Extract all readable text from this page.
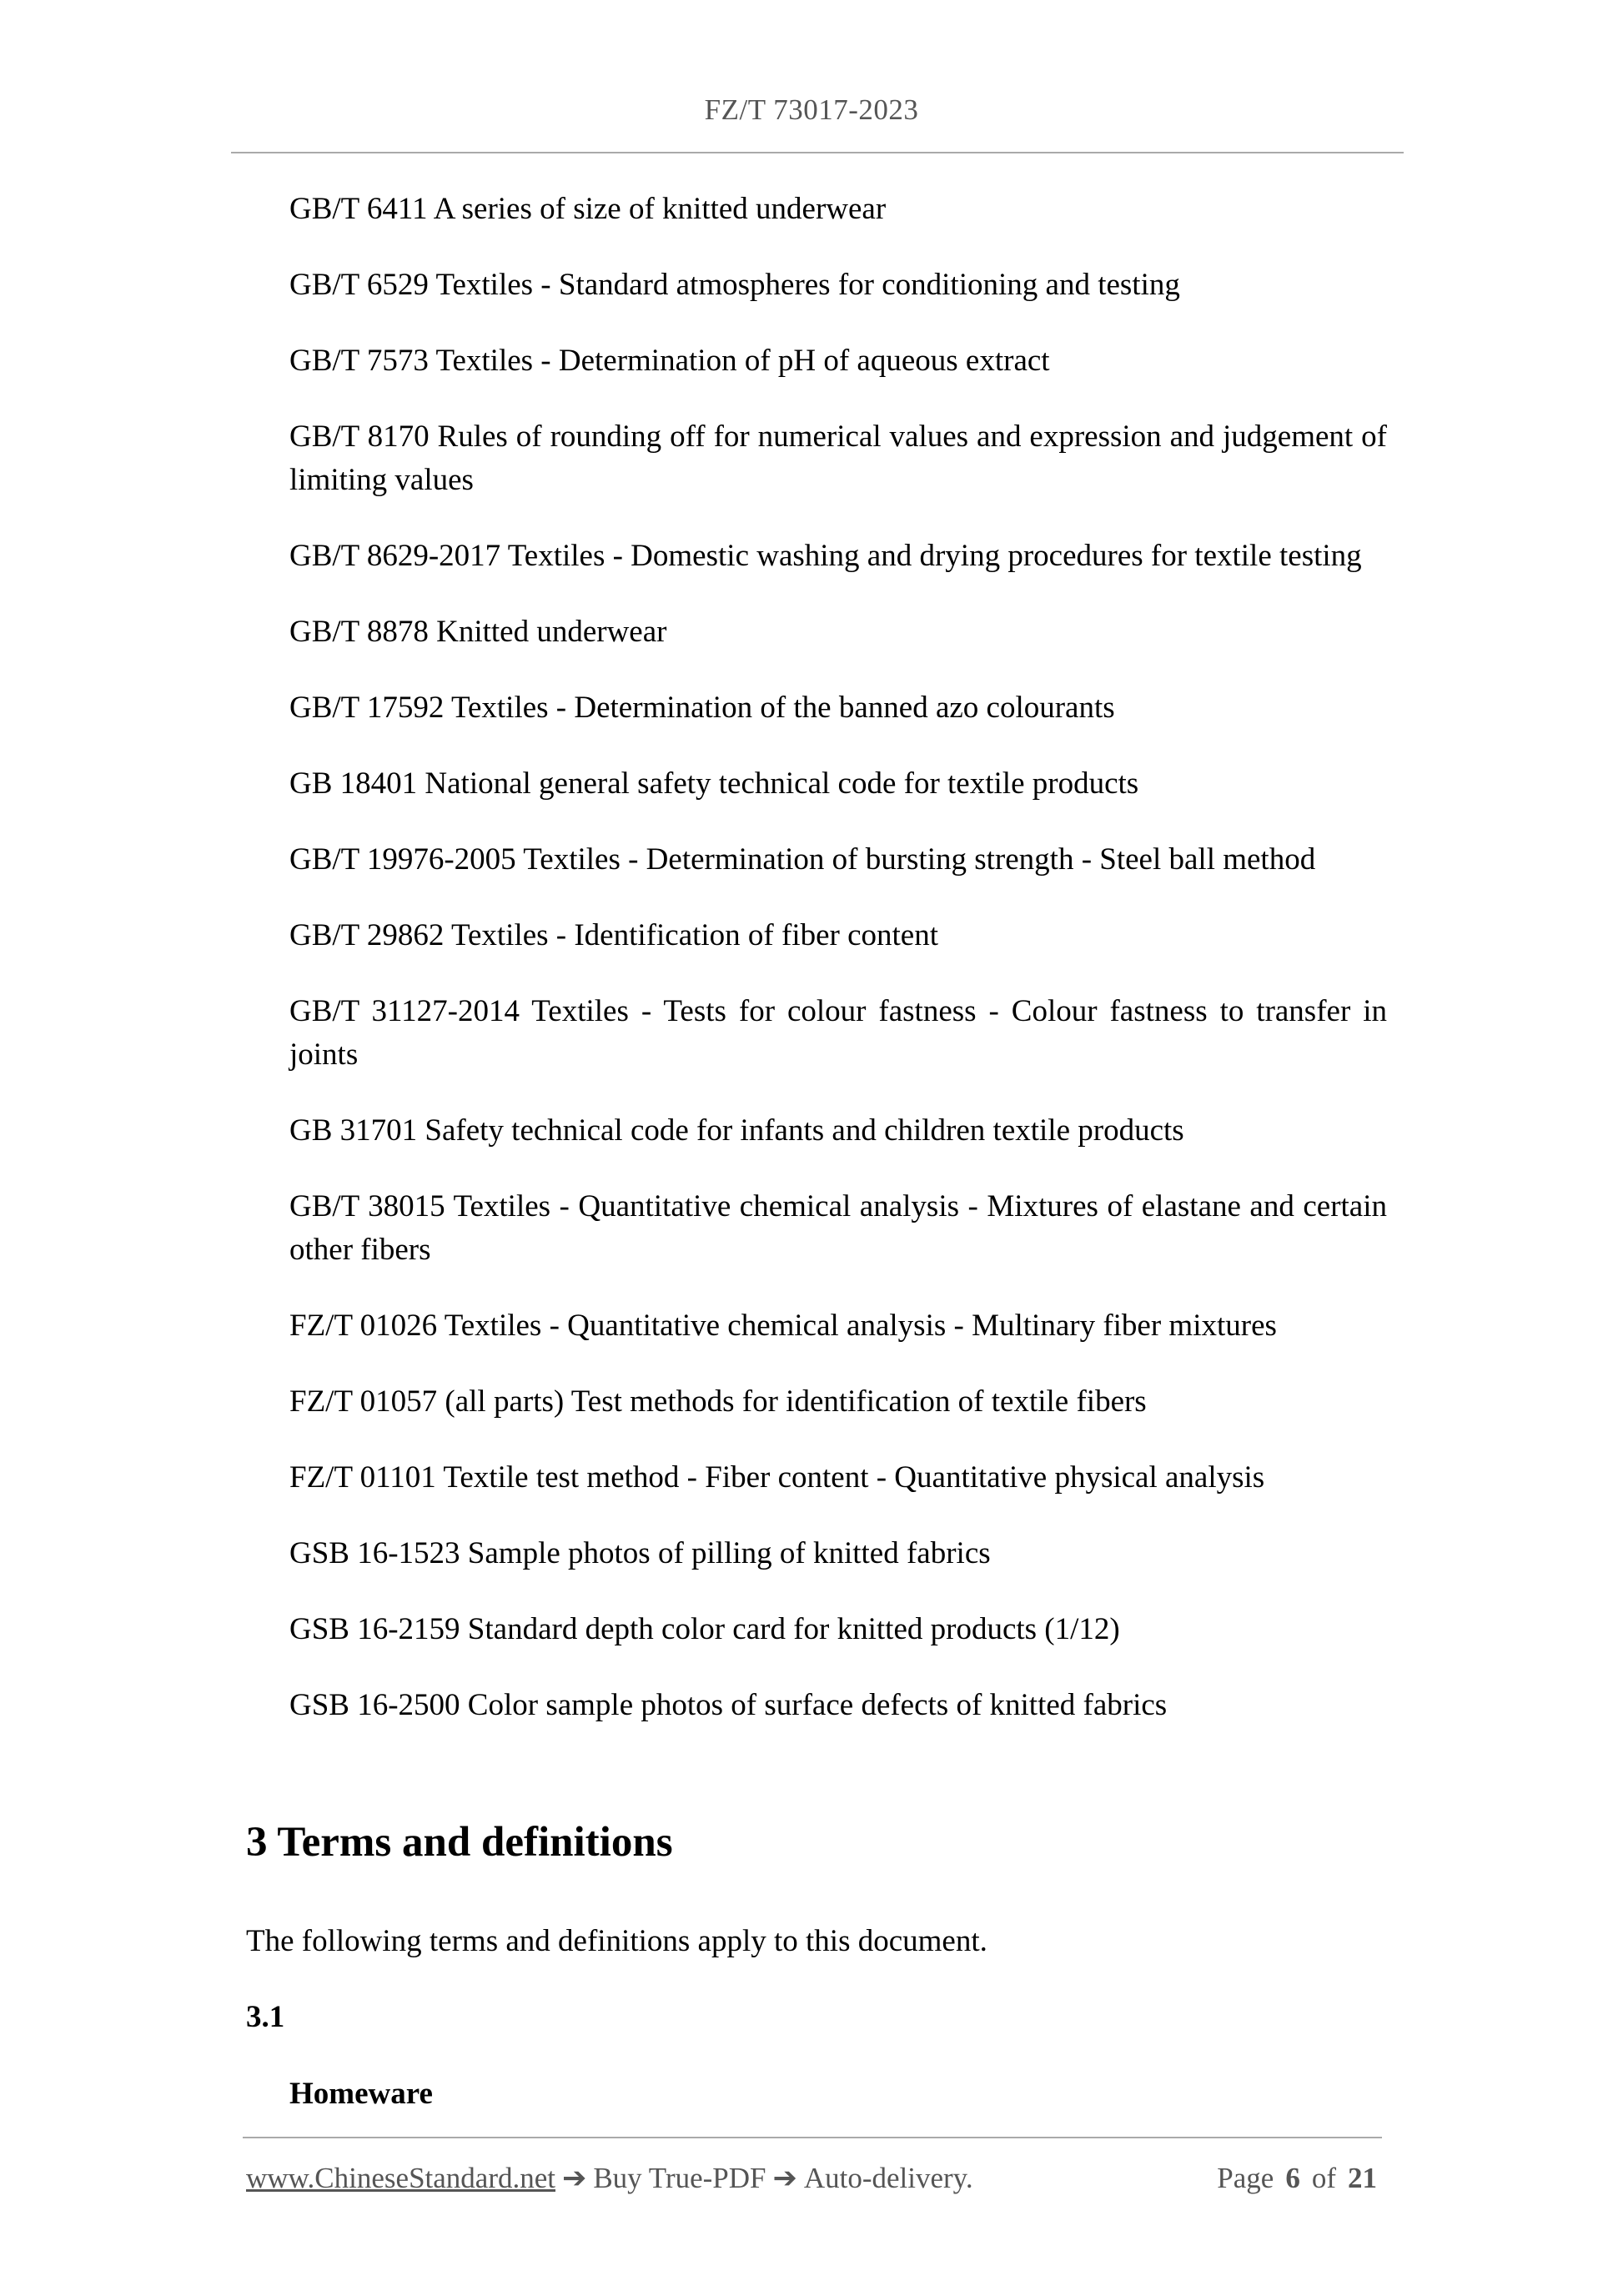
FZ/T 73017-2023
GB/T 6411 A series of size of knitted underwear
GB/T 6529 Textiles - Standard atmospheres for conditioning and testing
GB/T 7573 Textiles - Determination of pH of aqueous extract
GB/T 8170 Rules of rounding off for numerical values and expression and judgement of limiting values
GB/T 8629-2017 Textiles - Domestic washing and drying procedures for textile testing
GB/T 8878 Knitted underwear
GB/T 17592 Textiles - Determination of the banned azo colourants
GB 18401 National general safety technical code for textile products
GB/T 19976-2005 Textiles - Determination of bursting strength - Steel ball method
GB/T 29862 Textiles - Identification of fiber content
GB/T 31127-2014 Textiles - Tests for colour fastness - Colour fastness to transfer in joints
GB 31701 Safety technical code for infants and children textile products
GB/T 38015 Textiles - Quantitative chemical analysis - Mixtures of elastane and certain other fibers
FZ/T 01026 Textiles - Quantitative chemical analysis - Multinary fiber mixtures
FZ/T 01057 (all parts) Test methods for identification of textile fibers
FZ/T 01101 Textile test method - Fiber content - Quantitative physical analysis
GSB 16-1523 Sample photos of pilling of knitted fabrics
GSB 16-2159 Standard depth color card for knitted products (1/12)
GSB 16-2500 Color sample photos of surface defects of knitted fabrics
3 Terms and definitions

The following terms and definitions apply to this document.

3.1

Homeware

www.ChineseStandard.net ➔ Buy True-PDF ➔ Auto-delivery.	Page 6 of 21
